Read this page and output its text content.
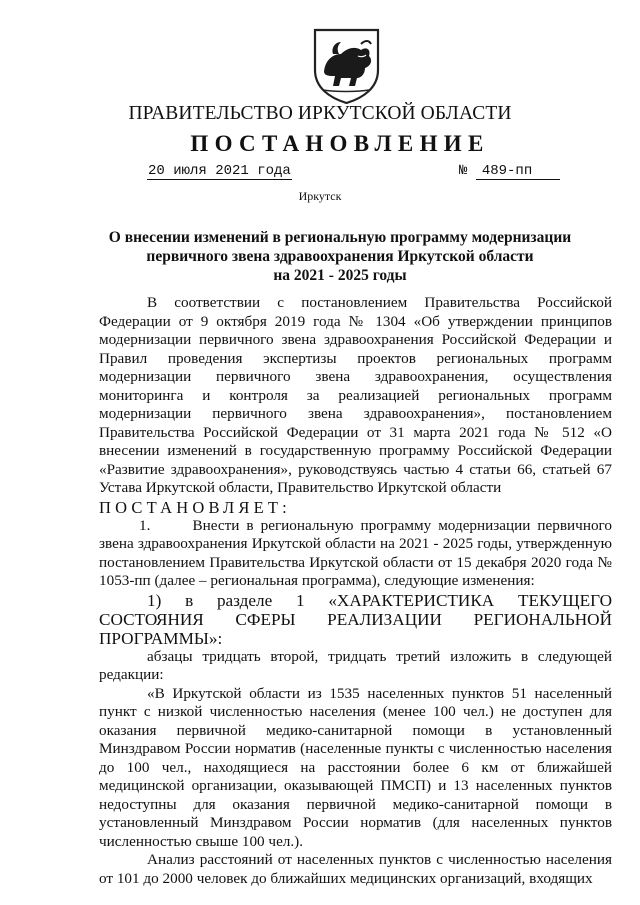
ПРАВИТЕЛЬСТВО ИРКУТСКОЙ ОБЛАСТИ
ПОСТАНОВЛЕНИЕ
20 июля 2021 года	№ 489-пп
Иркутск
О внесении изменений в региональную программу модернизации
первичного звена здравоохранения Иркутской области
на 2021 - 2025 годы

В соответствии с постановлением Правительства Российской Федерации от 9 октября 2019 года № 1304 «Об утверждении принципов модернизации первичного звена здравоохранения Российской Федерации и Правил проведения экспертизы проектов региональных программ модернизации первичного звена здравоохранения, осуществления мониторинга и контроля за реализацией региональных программ модернизации первичного звена здравоохранения», постановлением Правительства Российской Федерации от 31 марта 2021 года № 512 «О внесении изменений в государственную программу Российской Федерации «Развитие здравоохранения», руководствуясь частью 4 статьи 66, статьей 67 Устава Иркутской области, Правительство Иркутской области

ПОСТАНОВЛЯЕТ:

1.      Внести в региональную программу модернизации первичного звена здравоохранения Иркутской области на 2021 - 2025 годы, утвержденную постановлением Правительства Иркутской области от 15 декабря 2020 года № 1053-пп (далее – региональная программа), следующие изменения:

1) в разделе 1 «ХАРАКТЕРИСТИКА ТЕКУЩЕГО СОСТОЯНИЯ СФЕРЫ РЕАЛИЗАЦИИ РЕГИОНАЛЬНОЙ ПРОГРАММЫ»:

абзацы тридцать второй, тридцать третий изложить в следующей редакции:

«В Иркутской области из 1535 населенных пунктов 51 населенный пункт с низкой численностью населения (менее 100 чел.) не доступен для оказания первичной медико-санитарной помощи в установленный Минздравом России норматив (населенные пункты с численностью населения до 100 чел., находящиеся на расстоянии более 6 км от ближайшей медицинской организации, оказывающей ПМСП) и 13 населенных пунктов недоступны для оказания первичной медико-санитарной помощи в установленный Минздравом России норматив (для населенных пунктов численностью свыше 100 чел.).

Анализ расстояний от населенных пунктов с численностью населения от 101 до 2000 человек до ближайших медицинских организаций, входящих
